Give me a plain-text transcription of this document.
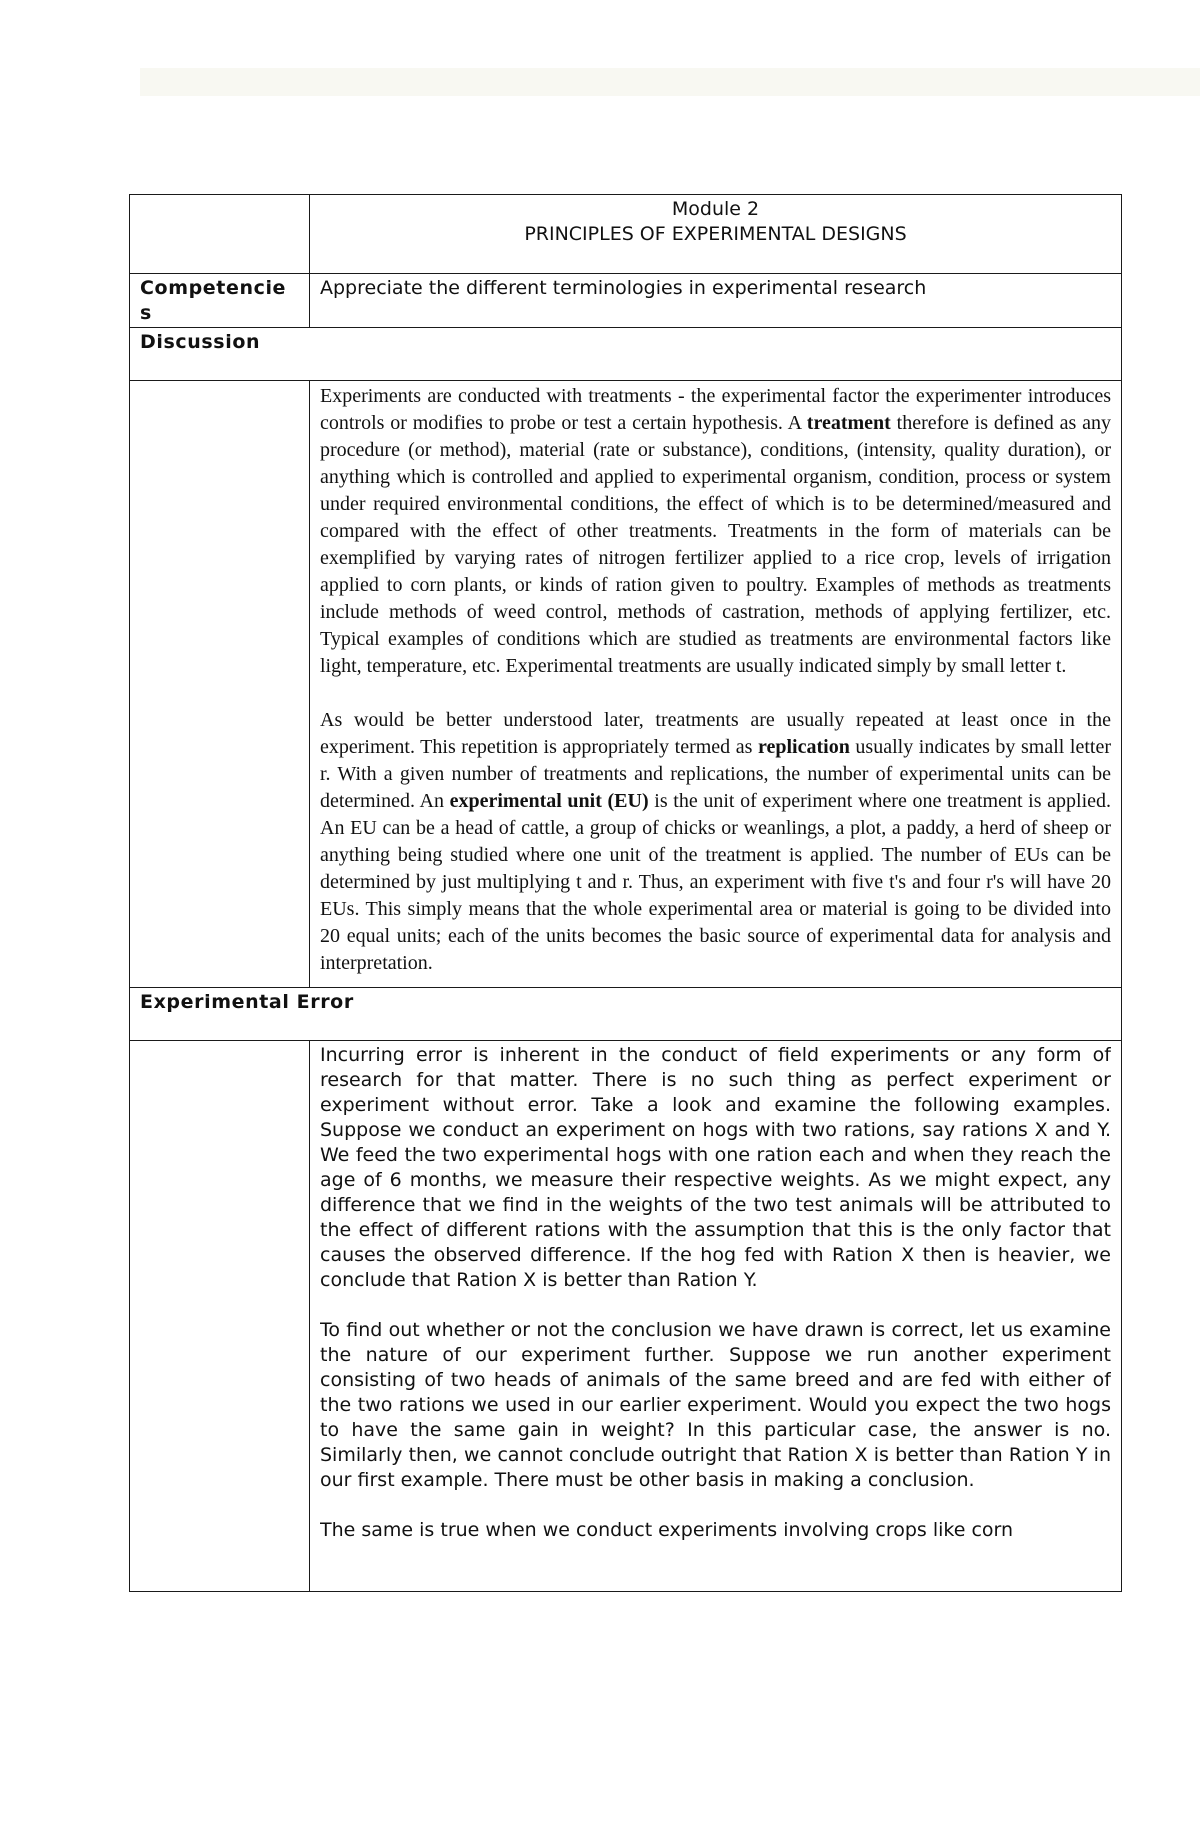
	Module 2
PRINCIPLES OF EXPERIMENTAL DESIGNS

Competencies	Appreciate the different terminologies in experimental research
Discussion	

	Experiments are conducted with treatments - the experimental factor the experimenter introduces controls or modifies to probe or test a certain hypothesis. A treatment therefore is defined as any procedure (or method), material (rate or substance), conditions, (intensity, quality duration), or anything which is controlled and applied to experimental organism, condition, process or system under required environmental conditions, the effect of which is to be determined/measured and compared with the effect of other treatments. Treatments in the form of materials can be exemplified by varying rates of nitrogen fertilizer applied to a rice crop, levels of irrigation applied to corn plants, or kinds of ration given to poultry. Examples of methods as treatments include methods of weed control, methods of castration, methods of applying fertilizer, etc. Typical examples of conditions which are studied as treatments are environmental factors like light, temperature, etc. Experimental treatments are usually indicated simply by small letter t.

As would be better understood later, treatments are usually repeated at least once in the experiment. This repetition is appropriately termed as replication usually indicates by small letter r. With a given number of treatments and replications, the number of experimental units can be determined. An experimental unit (EU) is the unit of experiment where one treatment is applied. An EU can be a head of cattle, a group of chicks or weanlings, a plot, a paddy, a herd of sheep or anything being studied where one unit of the treatment is applied. The number of EUs can be determined by just multiplying t and r. Thus, an experiment with five t's and four r's will have 20 EUs. This simply means that the whole experimental area or material is going to be divided into 20 equal units; each of the units becomes the basic source of experimental data for analysis and interpretation.

Experimental Error	

	Incurring error is inherent in the conduct of field experiments or any form of research for that matter. There is no such thing as perfect experiment or experiment without error. Take a look and examine the following examples. Suppose we conduct an experiment on hogs with two rations, say rations X and Y. We feed the two experimental hogs with one ration each and when they reach the age of 6 months, we measure their respective weights. As we might expect, any difference that we find in the weights of the two test animals will be attributed to the effect of different rations with the assumption that this is the only factor that causes the observed difference. If the hog fed with Ration X then is heavier, we conclude that Ration X is better than Ration Y.

To find out whether or not the conclusion we have drawn is correct, let us examine the nature of our experiment further. Suppose we run another experiment consisting of two heads of animals of the same breed and are fed with either of the two rations we used in our earlier experiment. Would you expect the two hogs to have the same gain in weight? In this particular case, the answer is no. Similarly then, we cannot conclude outright that Ration X is better than Ration Y in our first example. There must be other basis in making a conclusion.

The same is true when we conduct experiments involving crops like corn
